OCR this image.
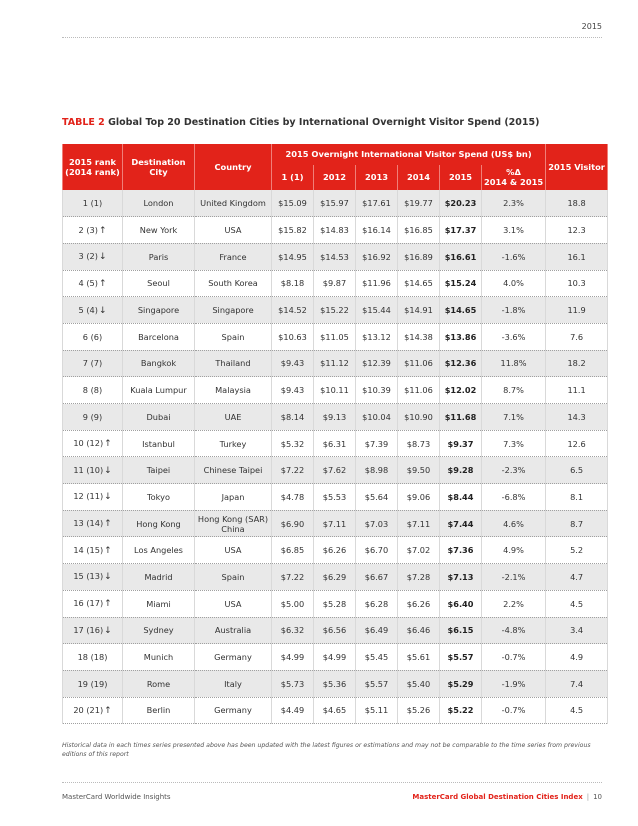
2015
TABLE 2 Global Top 20 Destination Cities by International Overnight Visitor Spend (2015)
2015 rank (2014 rank)	Destination City	Country	2015 Overnight International Visitor Spend (US$ bn)						2015 Visitor
			1 (1)	2012	2013	2014	2015	%Δ
2014 & 2015	

1 (1)	London	United Kingdom	$15.09	$15.97	$17.61	$19.77	$20.23	2.3%	18.8
2 (3)↑	New York	USA	$15.82	$14.83	$16.14	$16.85	$17.37	3.1%	12.3
3 (2)↓	Paris	France	$14.95	$14.53	$16.92	$16.89	$16.61	-1.6%	16.1
4 (5)↑	Seoul	South Korea	$8.18	$9.87	$11.96	$14.65	$15.24	4.0%	10.3
5 (4)↓	Singapore	Singapore	$14.52	$15.22	$15.44	$14.91	$14.65	-1.8%	11.9
6 (6)	Barcelona	Spain	$10.63	$11.05	$13.12	$14.38	$13.86	-3.6%	7.6
7 (7)	Bangkok	Thailand	$9.43	$11.12	$12.39	$11.06	$12.36	11.8%	18.2
8 (8)	Kuala Lumpur	Malaysia	$9.43	$10.11	$10.39	$11.06	$12.02	8.7%	11.1
9 (9)	Dubai	UAE	$8.14	$9.13	$10.04	$10.90	$11.68	7.1%	14.3
10 (12)↑	Istanbul	Turkey	$5.32	$6.31	$7.39	$8.73	$9.37	7.3%	12.6
11 (10)↓	Taipei	Chinese Taipei	$7.22	$7.62	$8.98	$9.50	$9.28	-2.3%	6.5
12 (11)↓	Tokyo	Japan	$4.78	$5.53	$5.64	$9.06	$8.44	-6.8%	8.1
13 (14)↑	Hong Kong	Hong Kong (SAR) China	$6.90	$7.11	$7.03	$7.11	$7.44	4.6%	8.7
14 (15)↑	Los Angeles	USA	$6.85	$6.26	$6.70	$7.02	$7.36	4.9%	5.2
15 (13)↓	Madrid	Spain	$7.22	$6.29	$6.67	$7.28	$7.13	-2.1%	4.7
16 (17)↑	Miami	USA	$5.00	$5.28	$6.28	$6.26	$6.40	2.2%	4.5
17 (16)↓	Sydney	Australia	$6.32	$6.56	$6.49	$6.46	$6.15	-4.8%	3.4
18 (18)	Munich	Germany	$4.99	$4.99	$5.45	$5.61	$5.57	-0.7%	4.9
19 (19)	Rome	Italy	$5.73	$5.36	$5.57	$5.40	$5.29	-1.9%	7.4
20 (21)↑	Berlin	Germany	$4.49	$4.65	$5.11	$5.26	$5.22	-0.7%	4.5
Historical data in each times series presented above has been updated with the latest figures or estimations and may not be comparable to the time series from previous editions of this report
MasterCard Worldwide Insights	MasterCard Global Destination Cities Index | 10
